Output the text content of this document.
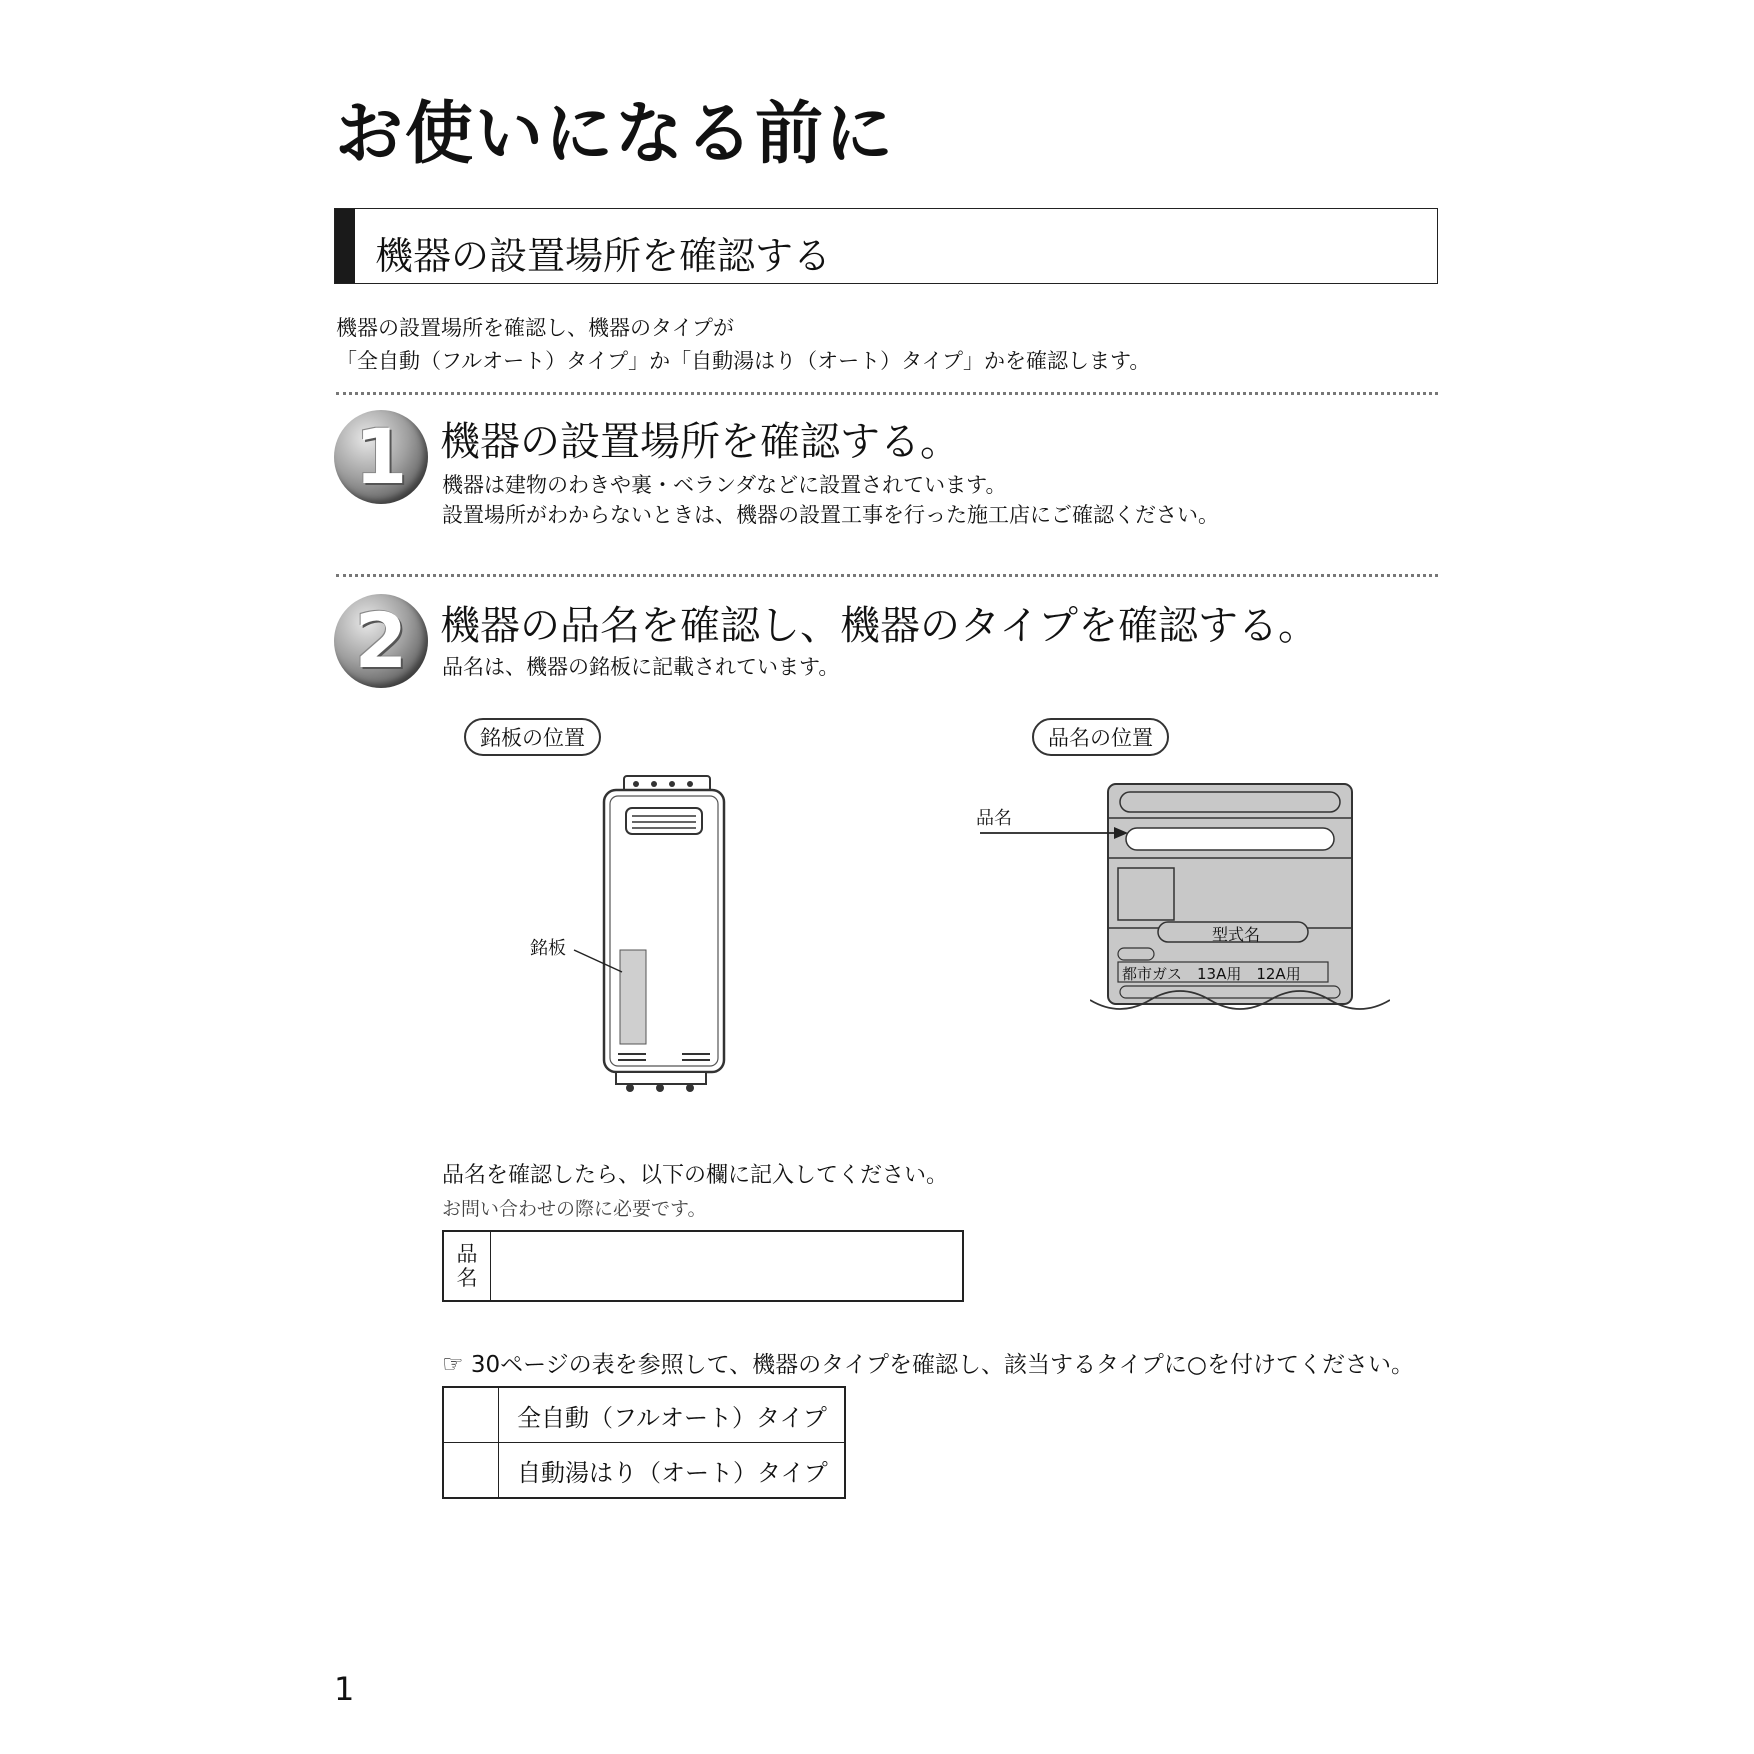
お使いになる前に
機器の設置場所を確認する
機器の設置場所を確認し、機器のタイプが
「全自動（フルオート）タイプ」か「自動湯はり（オート）タイプ」かを確認します。
1 機器の設置場所を確認する。
機器は建物のわきや裏・ベランダなどに設置されています。
設置場所がわからないときは、機器の設置工事を行った施工店にご確認ください。
2 機器の品名を確認し、機器のタイプを確認する。
品名は、機器の銘板に記載されています。
銘板の位置	品名の位置
銘板
品名
型式名
都市ガス　13A用　12A用
品名を確認したら、以下の欄に記入してください。
お問い合わせの際に必要です。
品
名

☞ 30ページの表を参照して、機器のタイプを確認し、該当するタイプに○を付けてください。
	全自動（フルオート）タイプ
	自動湯はり（オート）タイプ
1
